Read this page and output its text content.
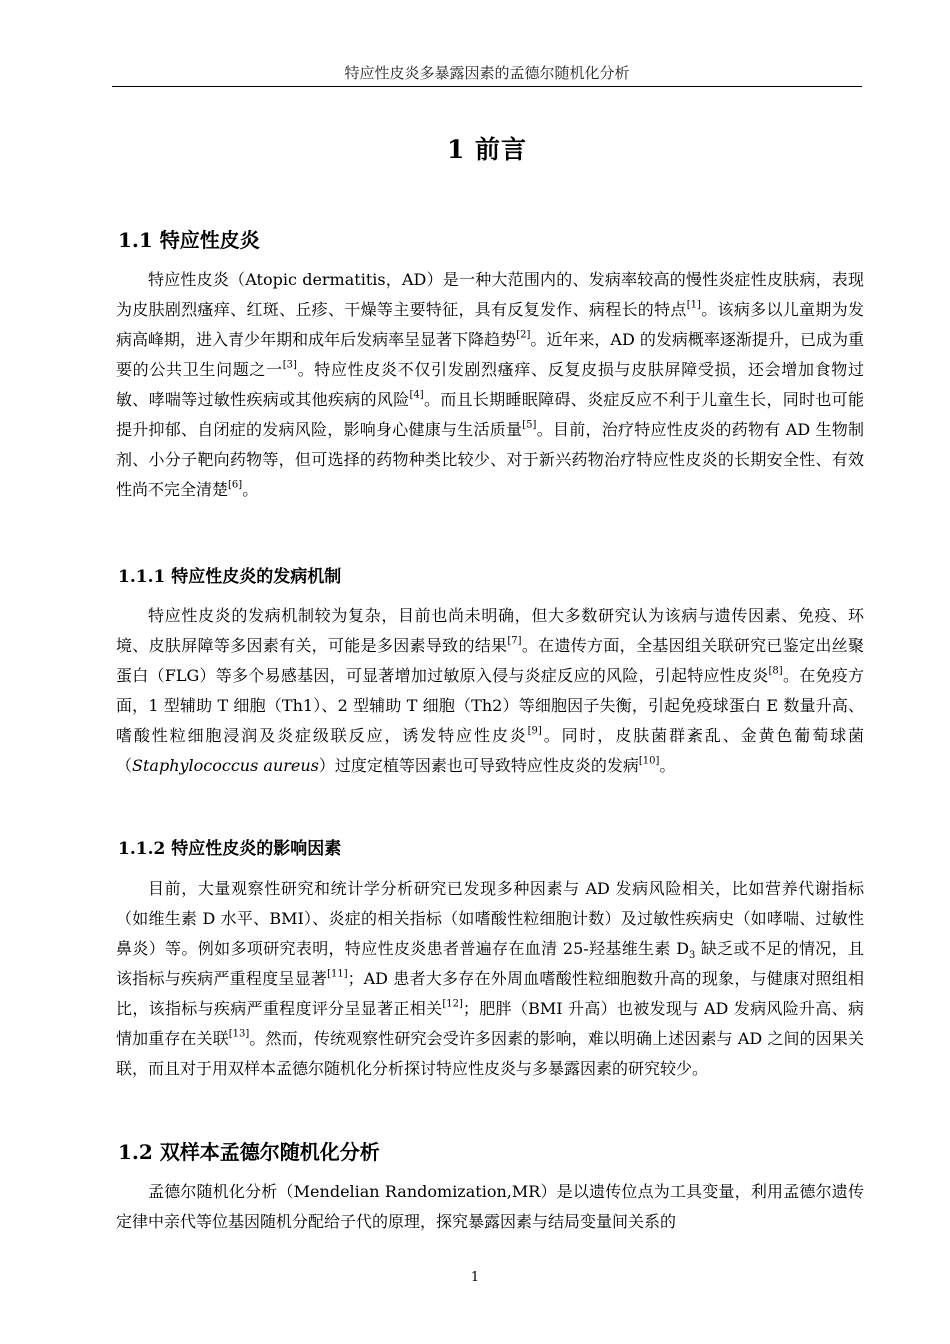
特应性皮炎多暴露因素的孟德尔随机化分析
1 前言
1.1 特应性皮炎

特应性皮炎（Atopic dermatitis，AD）是一种大范围内的、发病率较高的慢性炎症性皮肤病，表现为皮肤剧烈瘙痒、红斑、丘疹、干燥等主要特征，具有反复发作、病程长的特点[1]。该病多以儿童期为发病高峰期，进入青少年期和成年后发病率呈显著下降趋势[2]。近年来，AD 的发病概率逐渐提升，已成为重要的公共卫生问题之一[3]。特应性皮炎不仅引发剧烈瘙痒、反复皮损与皮肤屏障受损，还会增加食物过敏、哮喘等过敏性疾病或其他疾病的风险[4]。而且长期睡眠障碍、炎症反应不利于儿童生长，同时也可能提升抑郁、自闭症的发病风险，影响身心健康与生活质量[5]。目前，治疗特应性皮炎的药物有 AD 生物制剂、小分子靶向药物等，但可选择的药物种类比较少、对于新兴药物治疗特应性皮炎的长期安全性、有效性尚不完全清楚[6]。

1.1.1 特应性皮炎的发病机制

特应性皮炎的发病机制较为复杂，目前也尚未明确，但大多数研究认为该病与遗传因素、免疫、环境、皮肤屏障等多因素有关，可能是多因素导致的结果[7]。在遗传方面，全基因组关联研究已鉴定出丝聚蛋白（FLG）等多个易感基因，可显著增加过敏原入侵与炎症反应的风险，引起特应性皮炎[8]。在免疫方面，1 型辅助 T 细胞（Th1）、2 型辅助 T 细胞（Th2）等细胞因子失衡，引起免疫球蛋白 E 数量升高、嗜酸性粒细胞浸润及炎症级联反应，诱发特应性皮炎[9]。同时，皮肤菌群紊乱、金黄色葡萄球菌（Staphylococcus aureus）过度定植等因素也可导致特应性皮炎的发病[10]。

1.1.2 特应性皮炎的影响因素

目前，大量观察性研究和统计学分析研究已发现多种因素与 AD 发病风险相关，比如营养代谢指标（如维生素 D 水平、BMI）、炎症的相关指标（如嗜酸性粒细胞计数）及过敏性疾病史（如哮喘、过敏性鼻炎）等。例如多项研究表明，特应性皮炎患者普遍存在血清 25-羟基维生素 $D_3$ 缺乏或不足的情况，且该指标与疾病严重程度呈显著[11]；AD 患者大多存在外周血嗜酸性粒细胞数升高的现象，与健康对照组相比，该指标与疾病严重程度评分呈显著正相关[12]；肥胖（BMI 升高）也被发现与 AD 发病风险升高、病情加重存在关联[13]。然而，传统观察性研究会受许多因素的影响，难以明确上述因素与 AD 之间的因果关联，而且对于用双样本孟德尔随机化分析探讨特应性皮炎与多暴露因素的研究较少。

1.2 双样本孟德尔随机化分析

孟德尔随机化分析（Mendelian Randomization,MR）是以遗传位点为工具变量，利用孟德尔遗传定律中亲代等位基因随机分配给子代的原理，探究暴露因素与结局变量间关系的

1
